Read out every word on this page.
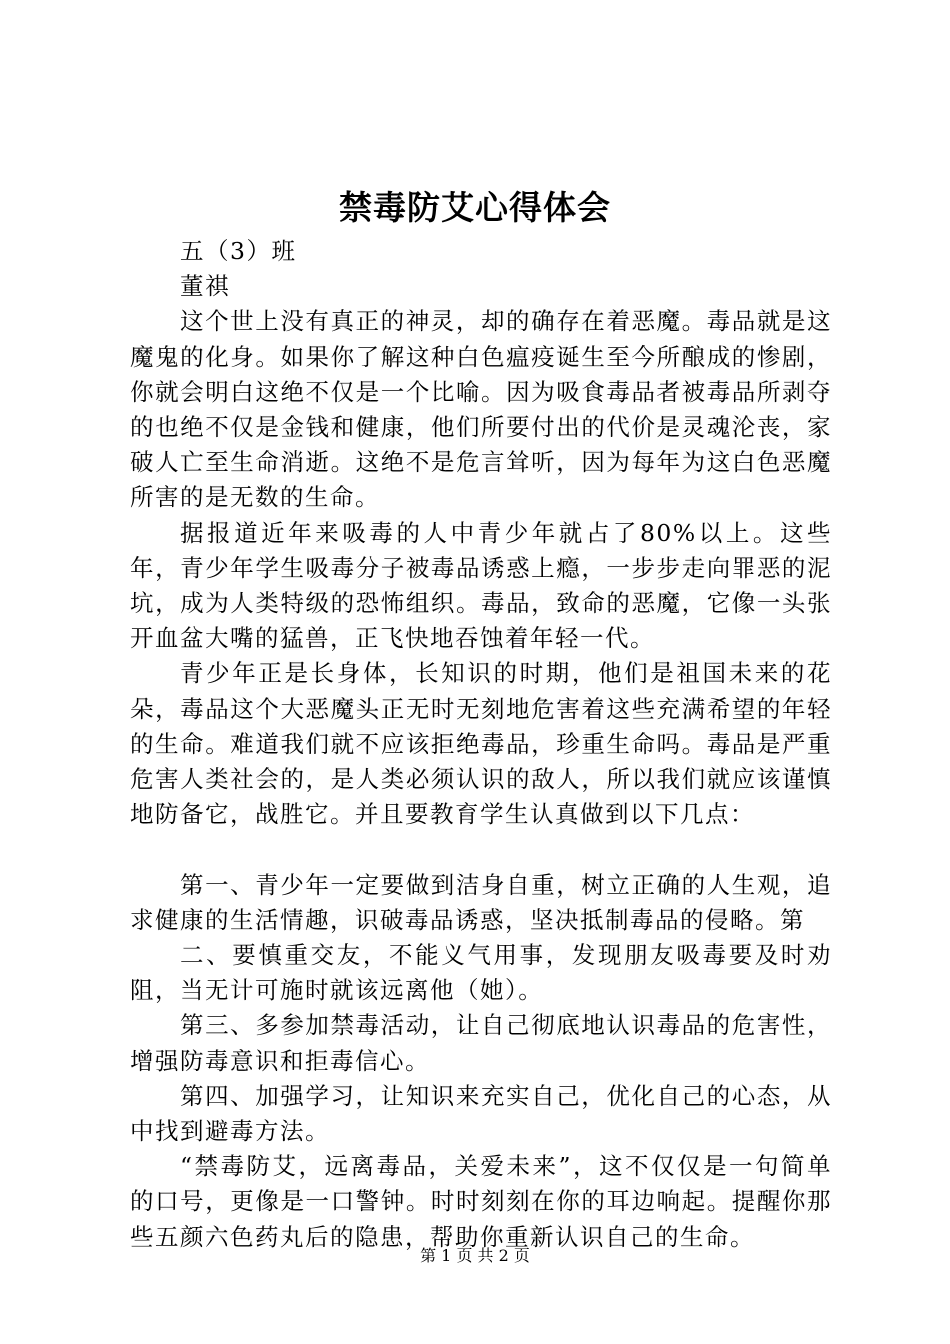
禁毒防艾心得体会

五（3）班

董祺

这个世上没有真正的神灵，却的确存在着恶魔。毒品就是这魔鬼的化身。如果你了解这种白色瘟疫诞生至今所酿成的惨剧，你就会明白这绝不仅是一个比喻。因为吸食毒品者被毒品所剥夺的也绝不仅是金钱和健康，他们所要付出的代价是灵魂沦丧，家破人亡至生命消逝。这绝不是危言耸听，因为每年为这白色恶魔所害的是无数的生命。

据报道近年来吸毒的人中青少年就占了80%以上。这些年，青少年学生吸毒分子被毒品诱惑上瘾，一步步走向罪恶的泥坑，成为人类特级的恐怖组织。毒品，致命的恶魔，它像一头张开血盆大嘴的猛兽，正飞快地吞蚀着年轻一代。

青少年正是长身体，长知识的时期，他们是祖国未来的花朵，毒品这个大恶魔头正无时无刻地危害着这些充满希望的年轻的生命。难道我们就不应该拒绝毒品，珍重生命吗。毒品是严重危害人类社会的，是人类必须认识的敌人，所以我们就应该谨慎地防备它，战胜它。并且要教育学生认真做到以下几点：

第一、青少年一定要做到洁身自重，树立正确的人生观，追求健康的生活情趣，识破毒品诱惑，坚决抵制毒品的侵略。第

二、要慎重交友，不能义气用事，发现朋友吸毒要及时劝阻，当无计可施时就该远离他（她）。

第三、多参加禁毒活动，让自己彻底地认识毒品的危害性，增强防毒意识和拒毒信心。

第四、加强学习，让知识来充实自己，优化自己的心态，从中找到避毒方法。

“禁毒防艾，远离毒品，关爱未来”，这不仅仅是一句简单的口号，更像是一口警钟。时时刻刻在你的耳边响起。提醒你那些五颜六色药丸后的隐患，帮助你重新认识自己的生命。

第 1 页 共 2 页
